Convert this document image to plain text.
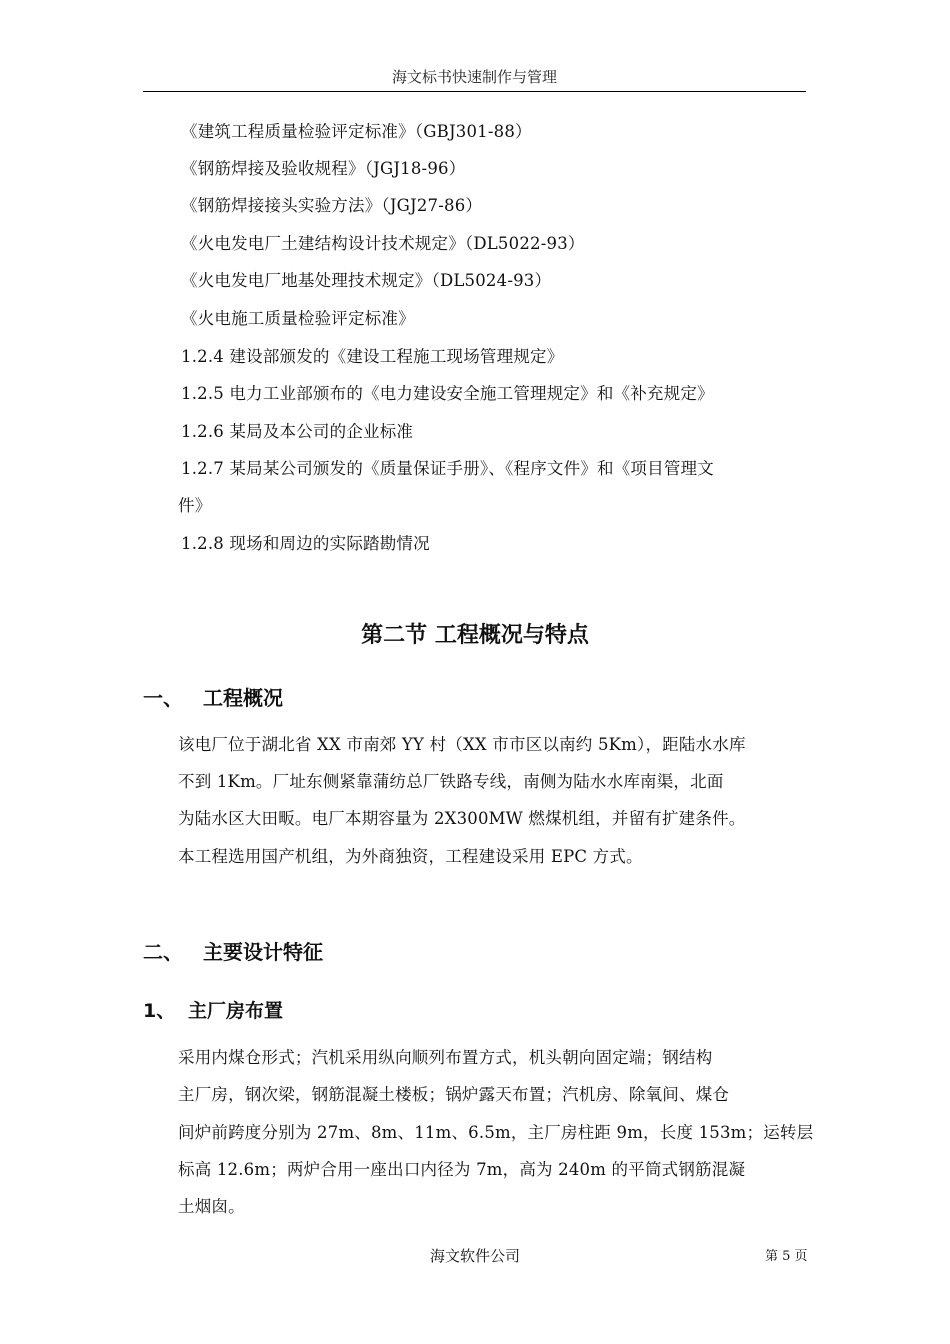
海文标书快速制作与管理
《建筑工程质量检验评定标准》（GBJ301-88）
《钢筋焊接及验收规程》（JGJ18-96）
《钢筋焊接接头实验方法》（JGJ27-86）
《火电发电厂土建结构设计技术规定》（DL5022-93）
《火电发电厂地基处理技术规定》（DL5024-93）
《火电施工质量检验评定标准》
1.2.4 建设部颁发的《建设工程施工现场管理规定》
1.2.5 电力工业部颁布的《电力建设安全施工管理规定》和《补充规定》
1.2.6 某局及本公司的企业标准
1.2.7 某局某公司颁发的《质量保证手册》、《程序文件》和《项目管理文
件》
1.2.8 现场和周边的实际踏勘情况
第二节 工程概况与特点
一、 工程概况
该电厂位于湖北省 XX 市南郊 YY 村（XX 市市区以南约 5Km），距陆水水库
不到 1Km。厂址东侧紧靠蒲纺总厂铁路专线，南侧为陆水水库南渠，北面
为陆水区大田畈。电厂本期容量为 2X300MW 燃煤机组，并留有扩建条件。
本工程选用国产机组，为外商独资，工程建设采用 EPC 方式。
二、 主要设计特征
1、 主厂房布置
采用内煤仓形式；汽机采用纵向顺列布置方式，机头朝向固定端；钢结构
主厂房，钢次梁，钢筋混凝土楼板；锅炉露天布置；汽机房、除氧间、煤仓
间炉前跨度分别为 27m、8m、11m、6.5m，主厂房柱距 9m，长度 153m；运转层
标高 12.6m；两炉合用一座出口内径为 7m，高为 240m 的平筒式钢筋混凝
土烟囱。
海文软件公司	第 5 页
